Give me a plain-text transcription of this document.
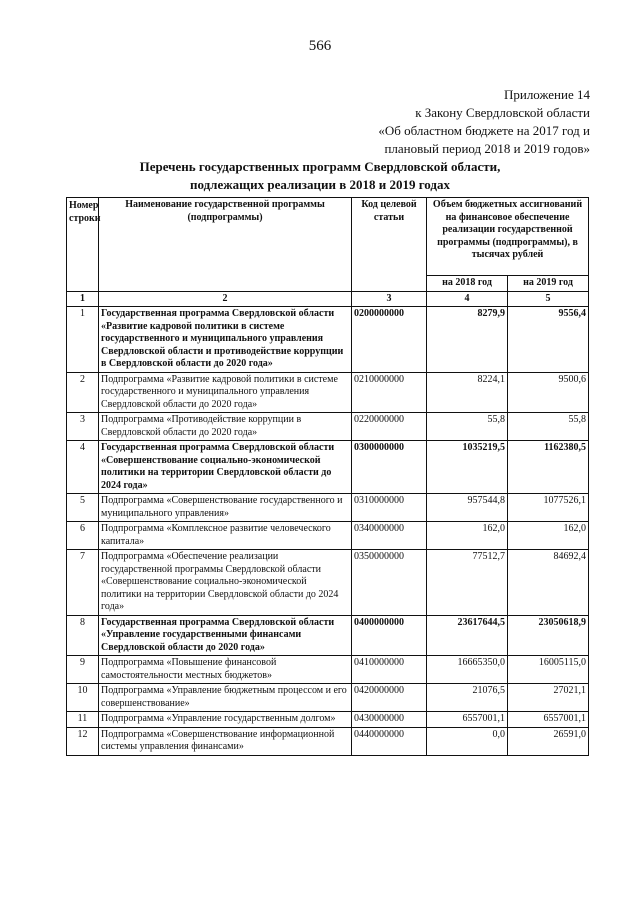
566
Приложение 14
к Закону Свердловской области
«Об областном бюджете на 2017 год и
плановый период 2018 и 2019 годов»
Перечень государственных программ Свердловской области,
подлежащих реализации в 2018 и 2019 годах
Номер строки	Наименование государственной программы (подпрограммы)	Код целевой статьи	Объем бюджетных ассигнований на финансовое обеспечение реализации государственной программы (подпрограммы), в тысячах рублей	
			на 2018 год	на 2019 год
1	2	3	4	5
1	Государственная программа Свердловской области «Развитие кадровой политики в системе государственного и муниципального управления Свердловской области и противодействие коррупции в Свердловской области до 2020 года»	0200000000	8279,9	9556,4
2	Подпрограмма «Развитие кадровой политики в системе государственного и муниципального управления Свердловской области до 2020 года»	0210000000	8224,1	9500,6
3	Подпрограмма «Противодействие коррупции в Свердловской области до 2020 года»	0220000000	55,8	55,8
4	Государственная программа Свердловской области «Совершенствование социально-экономической политики на территории Свердловской области до 2024 года»	0300000000	1035219,5	1162380,5
5	Подпрограмма «Совершенствование государственного и муниципального управления»	0310000000	957544,8	1077526,1
6	Подпрограмма «Комплексное развитие человеческого капитала»	0340000000	162,0	162,0
7	Подпрограмма «Обеспечение реализации государственной программы Свердловской области «Совершенствование социально-экономической политики на территории Свердловской области до 2024 года»	0350000000	77512,7	84692,4
8	Государственная программа Свердловской области «Управление государственными финансами Свердловской области до 2020 года»	0400000000	23617644,5	23050618,9
9	Подпрограмма «Повышение финансовой самостоятельности местных бюджетов»	0410000000	16665350,0	16005115,0
10	Подпрограмма «Управление бюджетным процессом и его совершенствование»	0420000000	21076,5	27021,1
11	Подпрограмма «Управление государственным долгом»	0430000000	6557001,1	6557001,1
12	Подпрограмма «Совершенствование информационной системы управления финансами»	0440000000	0,0	26591,0
